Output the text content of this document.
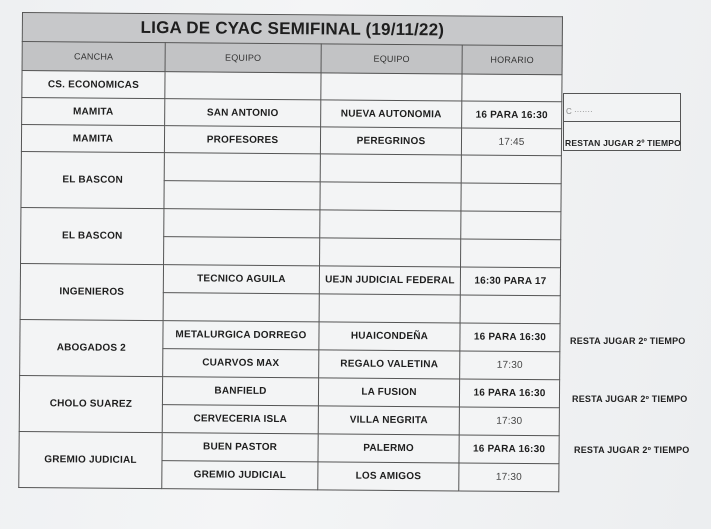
LIGA DE CYAC SEMIFINAL (19/11/22)			
CANCHA	EQUIPO	EQUIPO	HORARIO
CS. ECONOMICAS			
MAMITA	SAN ANTONIO	NUEVA AUTONOMIA	16 PARA 16:30
MAMITA	PROFESORES	PEREGRINOS	17:45
EL BASCON			

EL BASCON			

INGENIEROS	TECNICO AGUILA	UEJN JUDICIAL FEDERAL	16:30 PARA 17

ABOGADOS 2	METALURGICA DORREGO	HUAICONDEÑA	16 PARA 16:30
	CUARVOS MAX	REGALO VALETINA	17:30
CHOLO SUAREZ	BANFIELD	LA FUSION	16 PARA 16:30
	CERVECERIA ISLA	VILLA NEGRITA	17:30
GREMIO JUDICIAL	BUEN PASTOR	PALERMO	16 PARA 16:30
	GREMIO JUDICIAL	LOS AMIGOS	17:30
C ·······
RESTAN JUGAR 2º TIEMPO
RESTA JUGAR 2º TIEMPO
RESTA JUGAR 2º TIEMPO
RESTA JUGAR 2º TIEMPO
